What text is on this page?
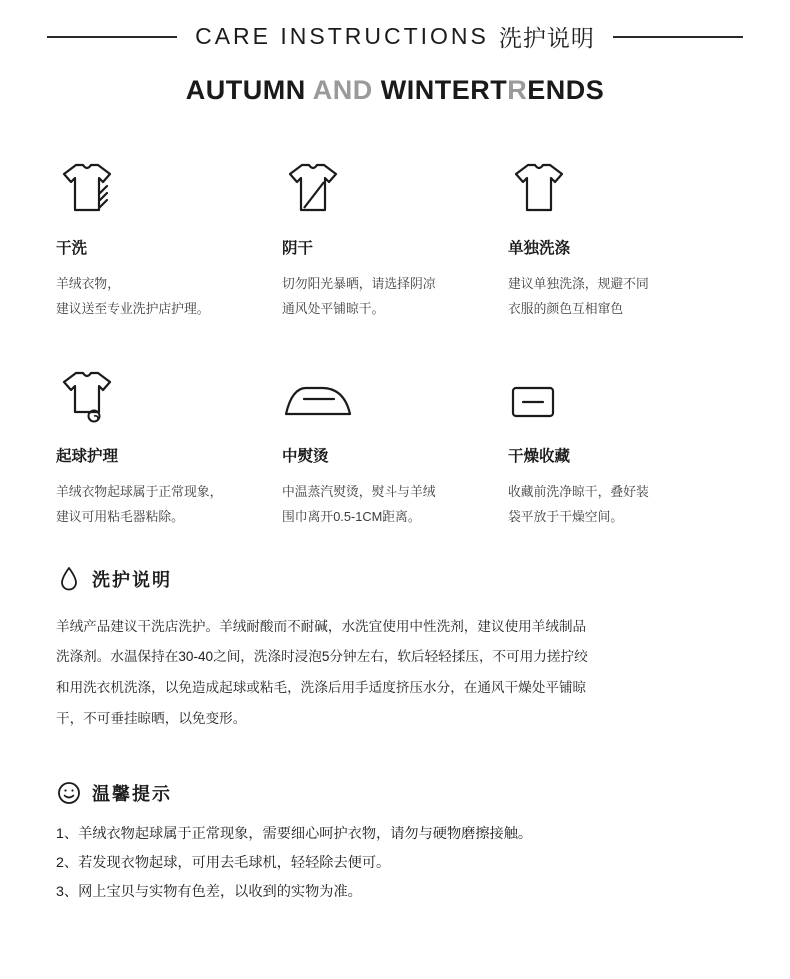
CARE INSTRUCTIONS 洗护说明
AUTUMN AND WINTERTRENDS
干洗
羊绒衣物，
建议送至专业洗护店护理。
阴干
切勿阳光暴晒，请选择阴凉
通风处平铺晾干。
单独洗涤
建议单独洗涤，规避不同
衣服的颜色互相窜色
起球护理
羊绒衣物起球属于正常现象，
建议可用粘毛器粘除。
中熨烫
中温蒸汽熨烫，熨斗与羊绒
围巾离开0.5-1CM距离。
干燥收藏
收藏前洗净晾干，叠好装
袋平放于干燥空间。
洗护说明
羊绒产品建议干洗店洗护。羊绒耐酸而不耐碱，水洗宜使用中性洗剂，建议使用羊绒制品
洗涤剂。水温保持在30-40之间，洗涤时浸泡5分钟左右，软后轻轻揉压，不可用力搓拧绞
和用洗衣机洗涤，以免造成起球或粘毛，洗涤后用手适度挤压水分，在通风干燥处平铺晾
干，不可垂挂晾晒，以免变形。
温馨提示
1、羊绒衣物起球属于正常现象，需要细心呵护衣物，请勿与硬物磨擦接触。
2、若发现衣物起球，可用去毛球机，轻轻除去便可。
3、网上宝贝与实物有色差，以收到的实物为准。
